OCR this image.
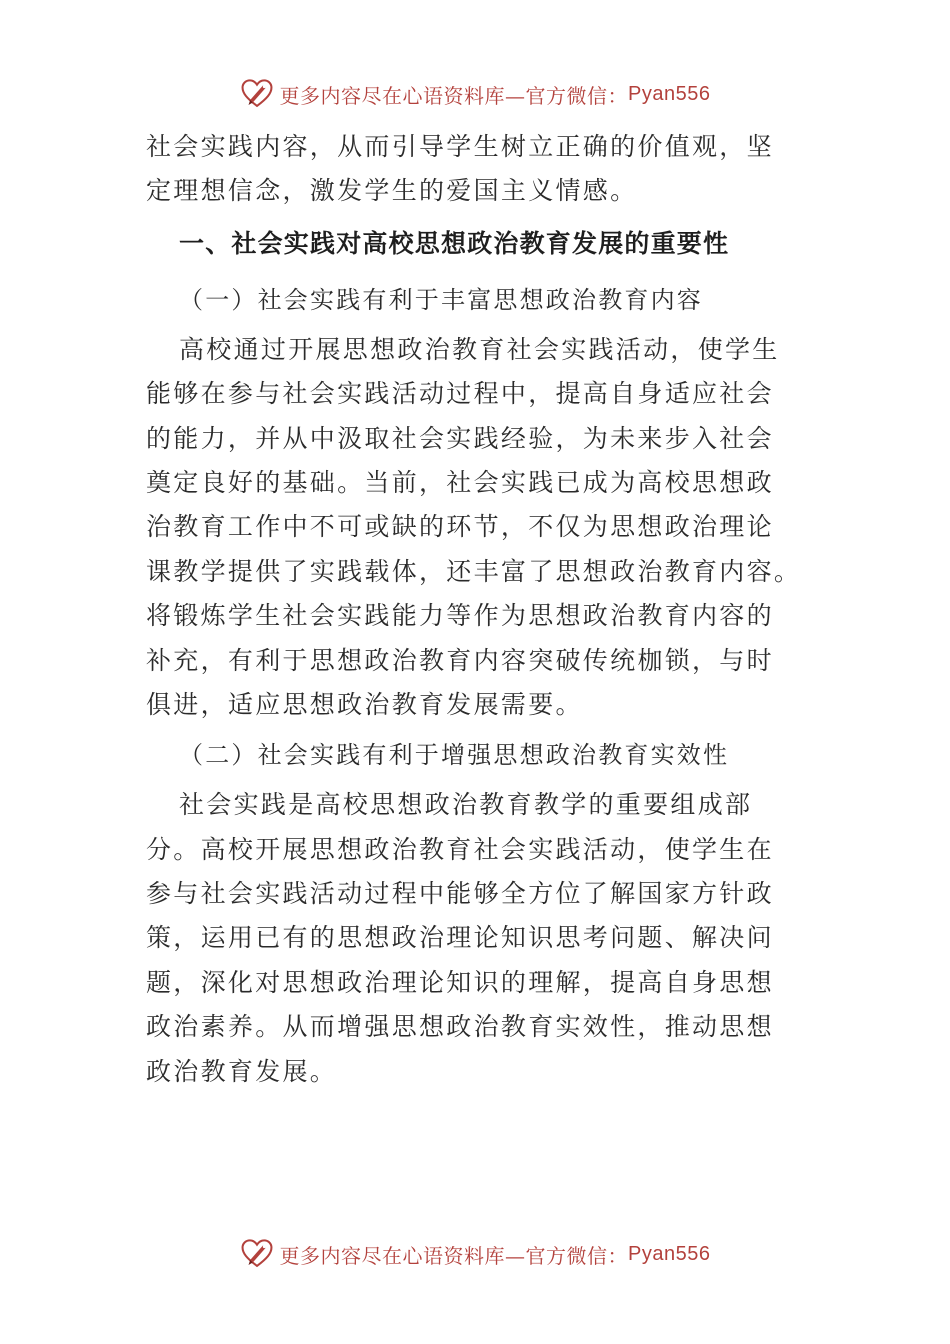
更多内容尽在心语资料库—官方微信： Pyan556
社会实践内容，从而引导学生树立正确的价值观，坚
定理想信念，激发学生的爱国主义情感。
一、社会实践对高校思想政治教育发展的重要性
（一）社会实践有利于丰富思想政治教育内容
高校通过开展思想政治教育社会实践活动，使学生
能够在参与社会实践活动过程中，提高自身适应社会
的能力，并从中汲取社会实践经验，为未来步入社会
奠定良好的基础。当前，社会实践已成为高校思想政
治教育工作中不可或缺的环节，不仅为思想政治理论
课教学提供了实践载体，还丰富了思想政治教育内容。
将锻炼学生社会实践能力等作为思想政治教育内容的
补充，有利于思想政治教育内容突破传统枷锁，与时
俱进，适应思想政治教育发展需要。
（二）社会实践有利于增强思想政治教育实效性
社会实践是高校思想政治教育教学的重要组成部
分。高校开展思想政治教育社会实践活动，使学生在
参与社会实践活动过程中能够全方位了解国家方针政
策，运用已有的思想政治理论知识思考问题、解决问
题，深化对思想政治理论知识的理解，提高自身思想
政治素养。从而增强思想政治教育实效性，推动思想
政治教育发展。
更多内容尽在心语资料库—官方微信： Pyan556
